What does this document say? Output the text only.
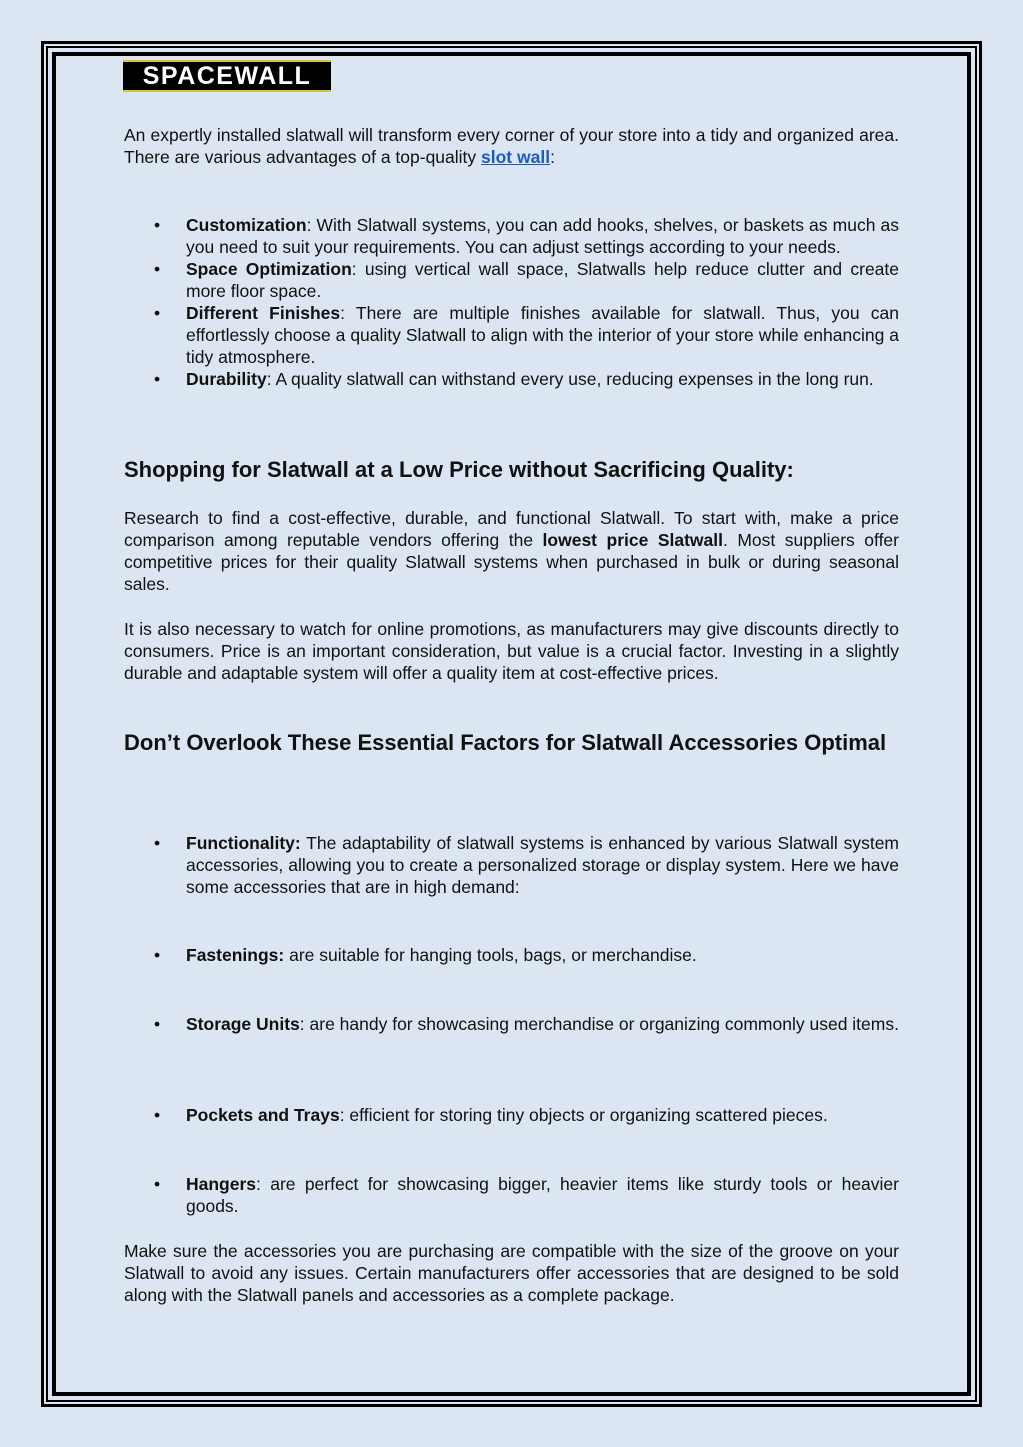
SPACEWALL

An expertly installed slatwall will transform every corner of your store into a tidy and organized area. There are various advantages of a top-quality slot wall:

• Customization: With Slatwall systems, you can add hooks, shelves, or baskets as much as you need to suit your requirements. You can adjust settings according to your needs.
• Space Optimization: using vertical wall space, Slatwalls help reduce clutter and create more floor space.
• Different Finishes: There are multiple finishes available for slatwall. Thus, you can effortlessly choose a quality Slatwall to align with the interior of your store while enhancing a tidy atmosphere.
• Durability: A quality slatwall can withstand every use, reducing expenses in the long run.
Shopping for Slatwall at a Low Price without Sacrificing Quality:

Research to find a cost-effective, durable, and functional Slatwall. To start with, make a price comparison among reputable vendors offering the lowest price Slatwall. Most suppliers offer competitive prices for their quality Slatwall systems when purchased in bulk or during seasonal sales.

It is also necessary to watch for online promotions, as manufacturers may give discounts directly to consumers. Price is an important consideration, but value is a crucial factor. Investing in a slightly durable and adaptable system will offer a quality item at cost-effective prices.

Don’t Overlook These Essential Factors for Slatwall Accessories Optimal
• Functionality: The adaptability of slatwall systems is enhanced by various Slatwall system accessories, allowing you to create a personalized storage or display system. Here we have some accessories that are in high demand:
• Fastenings: are suitable for hanging tools, bags, or merchandise.
• Storage Units: are handy for showcasing merchandise or organizing commonly used items.
• Pockets and Trays: efficient for storing tiny objects or organizing scattered pieces.
• Hangers: are perfect for showcasing bigger, heavier items like sturdy tools or heavier goods.

Make sure the accessories you are purchasing are compatible with the size of the groove on your Slatwall to avoid any issues. Certain manufacturers offer accessories that are designed to be sold along with the Slatwall panels and accessories as a complete package.
